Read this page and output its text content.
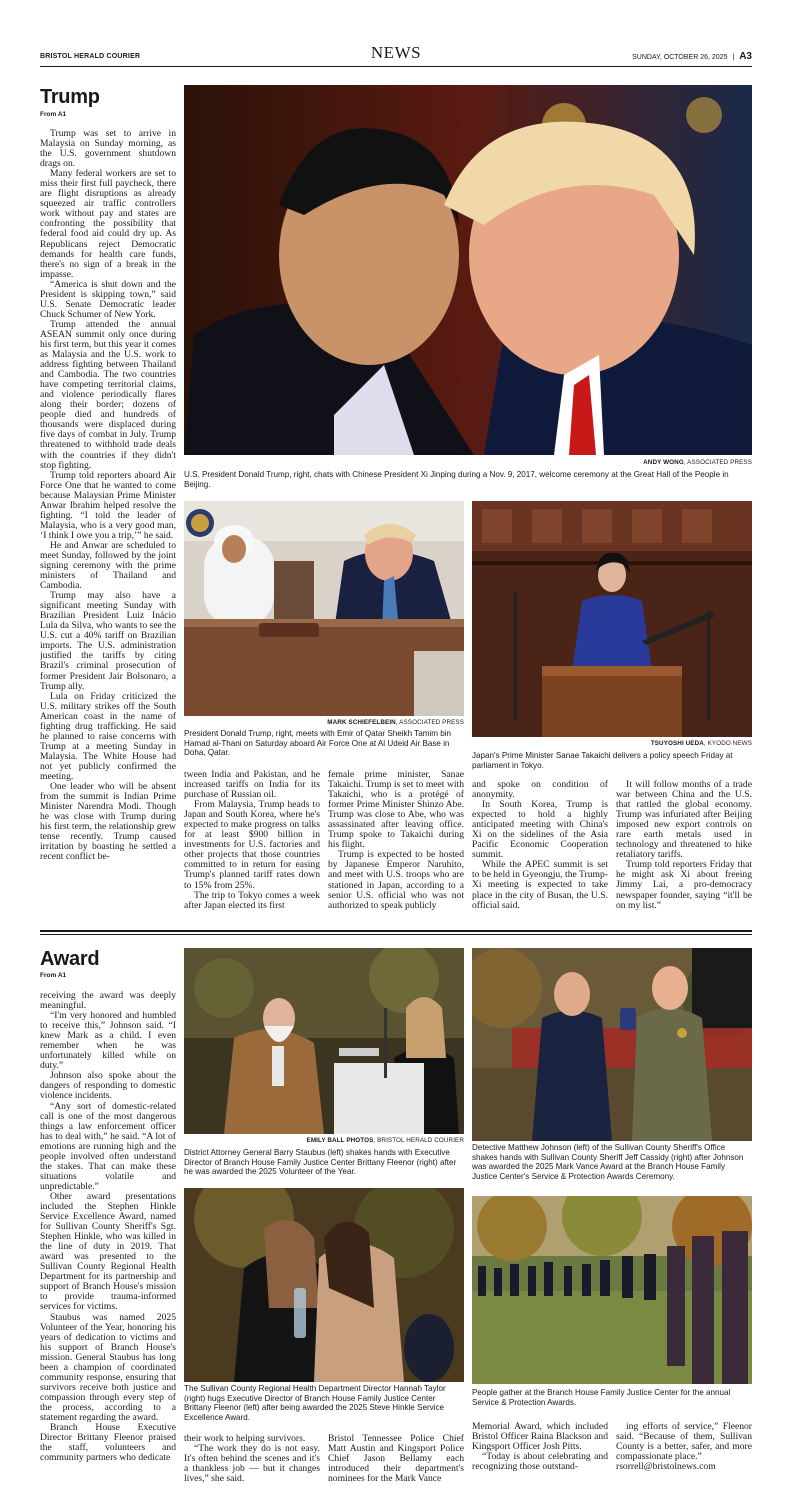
BRISTOL HERALD COURIER	NEWS	SUNDAY, OCTOBER 26, 2025 | A3
Trump
From A1

Trump was set to arrive in Malaysia on Sunday morning, as the U.S. government shutdown drags on.

Many federal workers are set to miss their first full paycheck, there are flight disruptions as already squeezed air traffic controllers work without pay and states are confronting the possibility that federal food aid could dry up. As Republicans reject Democratic demands for health care funds, there's no sign of a break in the impasse.

“America is shut down and the President is skipping town,” said U.S. Senate Democratic leader Chuck Schumer of New York.

Trump attended the annual ASEAN summit only once during his first term, but this year it comes as Malaysia and the U.S. work to address fighting between Thailand and Cambodia. The two countries have competing territorial claims, and violence periodically flares along their border; dozens of people died and hundreds of thousands were displaced during five days of combat in July. Trump threatened to withhold trade deals with the countries if they didn't stop fighting.

Trump told reporters aboard Air Force One that he wanted to come because Malaysian Prime Minister Anwar Ibrahim helped resolve the fighting. “I told the leader of Malaysia, who is a very good man, ‘I think I owe you a trip,’” he said.

He and Anwar are scheduled to meet Sunday, followed by the joint signing ceremony with the prime ministers of Thailand and Cambodia.

Trump may also have a significant meeting Sunday with Brazilian President Luiz Inácio Lula da Silva, who wants to see the U.S. cut a 40% tariff on Brazilian imports. The U.S. administration justified the tariffs by citing Brazil's criminal prosecution of former President Jair Bolsonaro, a Trump ally.

Lula on Friday criticized the U.S. military strikes off the South American coast in the name of fighting drug trafficking. He said he planned to raise concerns with Trump at a meeting Sunday in Malaysia. The White House had not yet publicly confirmed the meeting.

One leader who will be absent from the summit is Indian Prime Minister Narendra Modi. Though he was close with Trump during his first term, the relationship grew tense recently. Trump caused irritation by boasting he settled a recent conflict be-

ANDY WONG, ASSOCIATED PRESS
U.S. President Donald Trump, right, chats with Chinese President Xi Jinping during a Nov. 9, 2017, welcome ceremony at the Great Hall of the People in Beijing.
MARK SCHIEFELBEIN, ASSOCIATED PRESS
President Donald Trump, right, meets with Emir of Qatar Sheikh Tamim bin Hamad al-Thani on Saturday aboard Air Force One at Al Udeid Air Base in Doha, Qatar.
TSUYOSHI UEDA, KYODO NEWS
Japan's Prime Minister Sanae Takaichi delivers a policy speech Friday at parliament in Tokyo.

tween India and Pakistan, and he increased tariffs on India for its purchase of Russian oil.

From Malaysia, Trump heads to Japan and South Korea, where he's expected to make progress on talks for at least $900 billion in investments for U.S. factories and other projects that those countries committed to in return for easing Trump's planned tariff rates down to 15% from 25%.

The trip to Tokyo comes a week after Japan elected its first

female prime minister, Sanae Takaichi. Trump is set to meet with Takaichi, who is a protégé of former Prime Minister Shinzo Abe. Trump was close to Abe, who was assassinated after leaving office. Trump spoke to Takaichi during his flight.

Trump is expected to be hosted by Japanese Emperor Naruhito, and meet with U.S. troops who are stationed in Japan, according to a senior U.S. official who was not authorized to speak publicly

and spoke on condition of anonymity.

In South Korea, Trump is expected to hold a highly anticipated meeting with China's Xi on the sidelines of the Asia Pacific Economic Cooperation summit.

While the APEC summit is set to be held in Gyeongju, the Trump-Xi meeting is expected to take place in the city of Busan, the U.S. official said.

It will follow months of a trade war between China and the U.S. that rattled the global economy. Trump was infuriated after Beijing imposed new export controls on rare earth metals used in technology and threatened to hike retaliatory tariffs.

Trump told reporters Friday that he might ask Xi about freeing Jimmy Lai, a pro-democracy newspaper founder, saying “it'll be on my list.”

Award
From A1

receiving the award was deeply meaningful.

“I'm very honored and humbled to receive this,” Johnson said. “I knew Mark as a child. I even remember when he was unfortunately killed while on duty.”

Johnson also spoke about the dangers of responding to domestic violence incidents.

“Any sort of domestic-related call is one of the most dangerous things a law enforcement officer has to deal with,” he said. “A lot of emotions are running high and the people involved often understand the stakes. That can make these situations volatile and unpredictable.”

Other award presentations included the Stephen Hinkle Service Excellence Award, named for Sullivan County Sheriff's Sgt. Stephen Hinkle, who was killed in the line of duty in 2019. That award was presented to the Sullivan County Regional Health Department for its partnership and support of Branch House's mission to provide trauma-informed services for victims.

Staubus was named 2025 Volunteer of the Year, honoring his years of dedication to victims and his support of Branch House's mission. General Staubus has long been a champion of coordinated community response, ensuring that survivors receive both justice and compassion through every step of the process, according to a statement regarding the award.

Branch House Executive Director Brittany Fleenor praised the staff, volunteers and community partners who dedicate

EMILY BALL PHOTOS, BRISTOL HERALD COURIER
District Attorney General Barry Staubus (left) shakes hands with Executive Director of Branch House Family Justice Center Brittany Fleenor (right) after he was awarded the 2025 Volunteer of the Year.
Detective Matthew Johnson (left) of the Sullivan County Sheriff's Office shakes hands with Sullivan County Sheriff Jeff Cassidy (right) after Johnson was awarded the 2025 Mark Vance Award at the Branch House Family Justice Center's Service & Protection Awards Ceremony.
The Sullivan County Regional Health Department Director Hannah Taylor (right) hugs Executive Director of Branch House Family Justice Center Brittany Fleenor (left) after being awarded the 2025 Steve Hinkle Service Excellence Award.
People gather at the Branch House Family Justice Center for the annual Service & Protection Awards.

their work to helping survivors.

“The work they do is not easy. It's often behind the scenes and it's a thankless job — but it changes lives,” she said.

Bristol Tennessee Police Chief Matt Austin and Kingsport Police Chief Jason Bellamy each introduced their department's nominees for the Mark Vance

Memorial Award, which included Bristol Officer Raina Blackson and Kingsport Officer Josh Pitts.

“Today is about celebrating and recognizing those outstand-

ing efforts of service,” Fleenor said. “Because of them, Sullivan County is a better, safer, and more compassionate place.”

rsorrell@bristolnews.com
